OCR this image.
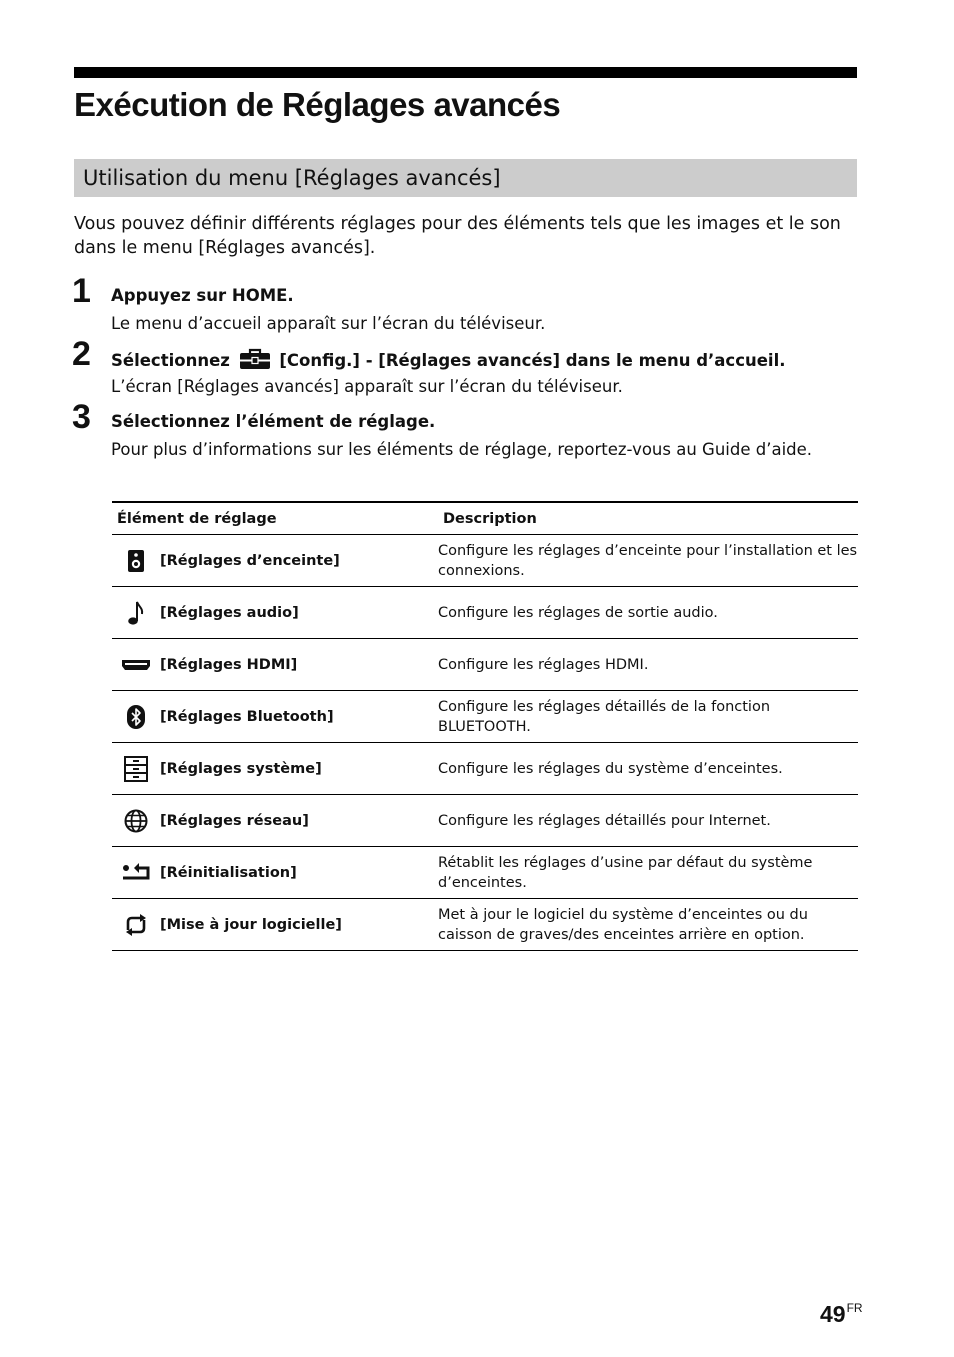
Exécution de Réglages avancés
Utilisation du menu [Réglages avancés]

Vous pouvez définir différents réglages pour des éléments tels que les images et le son dans le menu [Réglages avancés].

1 Appuyez sur HOME.

Le menu d’accueil apparaît sur l’écran du téléviseur.

2 Sélectionnez	[Config.] - [Réglages avancés] dans le menu d’accueil.

L’écran [Réglages avancés] apparaît sur l’écran du téléviseur.

3 Sélectionnez l’élément de réglage.

Pour plus d’informations sur les éléments de réglage, reportez-vous au Guide d’aide.

Élément de réglage		Description
	[Réglages d’enceinte]	Configure les réglages d’enceinte pour l’installation et les connexions.
	[Réglages audio]	Configure les réglages de sortie audio.
	[Réglages HDMI]	Configure les réglages HDMI.
	[Réglages Bluetooth]	Configure les réglages détaillés de la fonction BLUETOOTH.
	[Réglages système]	Configure les réglages du système d’enceintes.
	[Réglages réseau]	Configure les réglages détaillés pour Internet.
	[Réinitialisation]	Rétablit les réglages d’usine par défaut du système d’enceintes.
	[Mise à jour logicielle]	Met à jour le logiciel du système d’enceintes ou du caisson de graves/des enceintes arrière en option.
$49^{FR}$
